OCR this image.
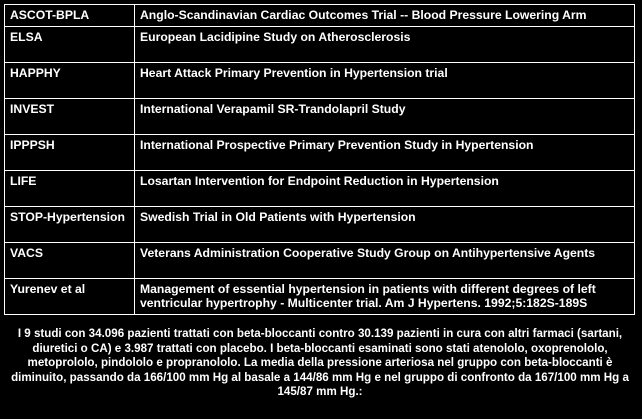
ASCOT-BPLA	Anglo-Scandinavian Cardiac Outcomes Trial -- Blood Pressure Lowering Arm
ELSA	European Lacidipine Study on Atherosclerosis
HAPPHY	Heart Attack Primary Prevention in Hypertension trial
INVEST	International Verapamil SR-Trandolapril Study
IPPPSH	International Prospective Primary Prevention Study in Hypertension
LIFE	Losartan Intervention for Endpoint Reduction in Hypertension
STOP-Hypertension	Swedish Trial in Old Patients with Hypertension
VACS	Veterans Administration Cooperative Study Group on Antihypertensive Agents
Yurenev et al	Management of essential hypertension in patients with different degrees of left ventricular hypertrophy - Multicenter trial. Am J Hypertens. 1992;5:182S-189S

I 9 studi con 34.096 pazienti trattati con beta-bloccanti contro 30.139 pazienti in cura con altri farmaci (sartani, diuretici o CA) e 3.987 trattati con placebo. I beta-bloccanti esaminati sono stati atenololo, oxoprenololo, metoprololo, pindololo e propranololo. La media della pressione arteriosa nel gruppo con beta-bloccanti è diminuito, passando da 166/100 mm Hg al basale a 144/86 mm Hg e nel gruppo di confronto da 167/100 mm Hg a 145/87 mm Hg.:
